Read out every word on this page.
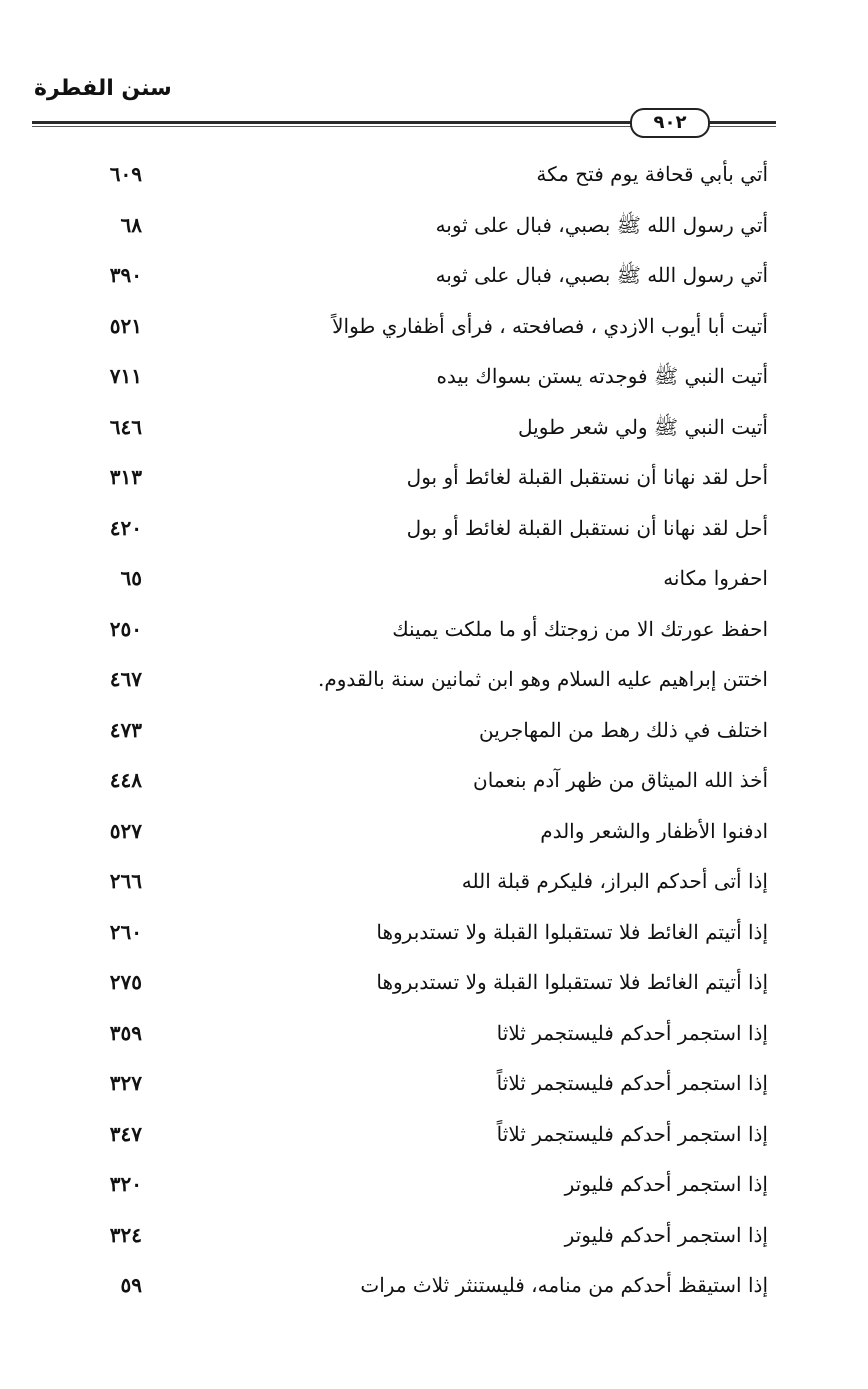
سنن الفطرة
٩٠٢
أتي بأبي قحافة يوم فتح مكة
٦٠٩
أتي رسول الله ﷺ بصبي، فبال على ثوبه
٦٨
أتي رسول الله ﷺ بصبي، فبال على ثوبه
٣٩٠
أتيت أبا أيوب الازدي ، فصافحته ، فرأى أظفاري طوالاً
٥٢١
أتيت النبي ﷺ فوجدته يستن بسواك بيده
٧١١
أتيت النبي ﷺ ولي شعر طويل
٦٤٦
أحل لقد نهانا أن نستقبل القبلة لغائط أو بول
٣١٣
أحل لقد نهانا أن نستقبل القبلة لغائط أو بول
٤٢٠
احفروا مكانه
٦٥
احفظ عورتك الا من زوجتك أو ما ملكت يمينك
٢٥٠
اختتن إبراهيم عليه السلام وهو ابن ثمانين سنة بالقدوم.
٤٦٧
اختلف في ذلك رهط من المهاجرين
٤٧٣
أخذ الله الميثاق من ظهر آدم بنعمان
٤٤٨
ادفنوا الأظفار والشعر والدم
٥٢٧
إذا أتى أحدكم البراز، فليكرم قبلة الله
٢٦٦
إذا أتيتم الغائط فلا تستقبلوا القبلة ولا تستدبروها
٢٦٠
إذا أتيتم الغائط فلا تستقبلوا القبلة ولا تستدبروها
٢٧٥
إذا استجمر أحدكم فليستجمر ثلاثا
٣٥٩
إذا استجمر أحدكم فليستجمر ثلاثاً
٣٢٧
إذا استجمر أحدكم فليستجمر ثلاثاً
٣٤٧
إذا استجمر أحدكم فليوتر
٣٢٠
إذا استجمر أحدكم فليوتر
٣٢٤
إذا استيقظ أحدكم من منامه، فليستنثر ثلاث مرات
٥٩
